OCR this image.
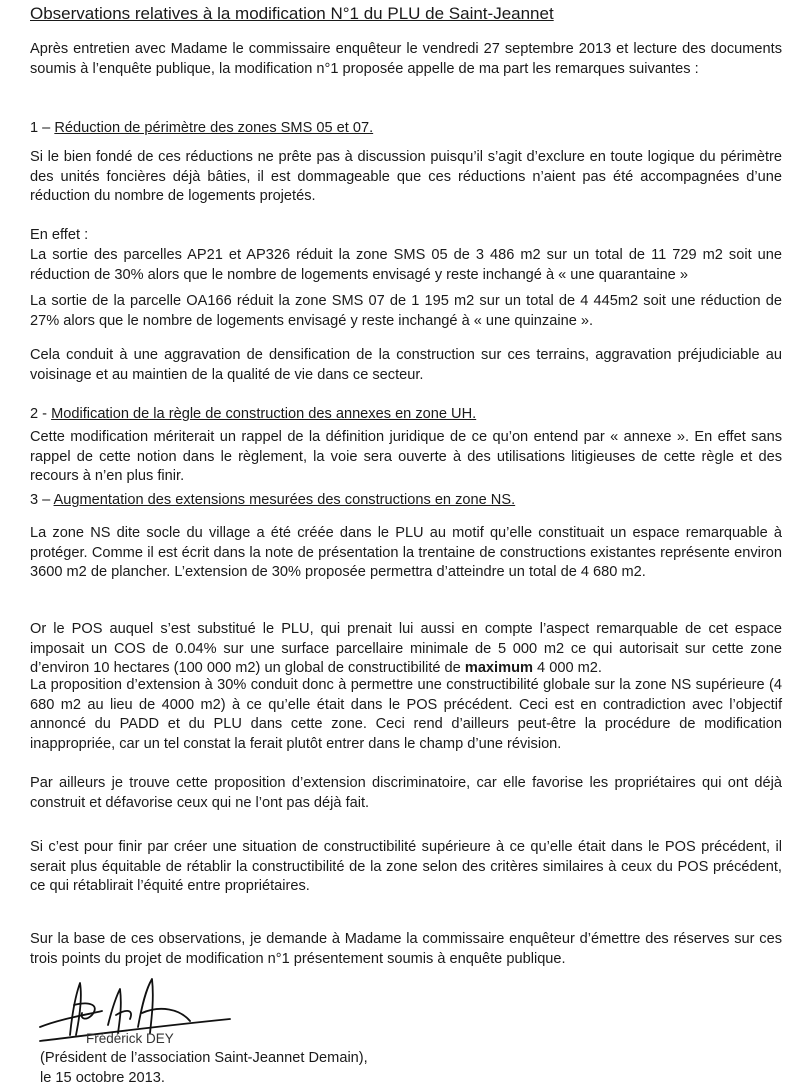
Observations relatives à la modification N°1 du PLU de Saint-Jeannet

Après entretien avec Madame le commissaire enquêteur le vendredi 27 septembre 2013 et lecture des documents soumis à l’enquête publique, la modification n°1 proposée appelle de ma part les remarques suivantes :

1 – Réduction de périmètre des zones SMS 05 et 07.

Si le bien fondé de ces réductions ne prête pas à discussion puisqu’il s’agit d’exclure en toute logique du périmètre des unités foncières déjà bâties, il est dommageable que ces réductions n’aient pas été accompagnées d’une réduction du nombre de logements projetés.

En effet :

La sortie des parcelles AP21 et AP326 réduit la zone SMS 05 de 3 486 m2 sur un total de 11 729 m2 soit une réduction de 30% alors que le nombre de logements envisagé y reste inchangé à « une quarantaine »

La sortie de la parcelle OA166 réduit la zone SMS 07 de 1 195 m2 sur un total de 4 445m2 soit une réduction de 27% alors que le nombre de logements envisagé y reste inchangé à « une quinzaine ».

Cela conduit à une aggravation de densification de la construction sur ces terrains, aggravation préjudiciable au voisinage et au maintien de la qualité de vie dans ce secteur.

2 - Modification de la règle de construction des annexes en zone UH.

Cette modification mériterait un rappel de la définition juridique de ce qu’on entend par « annexe ». En effet sans rappel de cette notion dans le règlement, la voie sera ouverte à des utilisations litigieuses de cette règle et des recours à n’en plus finir.

3 – Augmentation des extensions mesurées des constructions en zone NS.

La zone NS dite socle du village a été créée dans le PLU au motif qu’elle constituait un espace remarquable à protéger. Comme il est écrit dans la note de présentation la trentaine de constructions existantes représente environ 3600 m2 de plancher. L’extension de 30% proposée permettra d’atteindre un total de 4 680 m2.

Or le POS auquel s’est substitué le PLU, qui prenait lui aussi en compte l’aspect remarquable de cet espace imposait un COS de 0.04% sur une surface parcellaire minimale de 5 000 m2 ce qui autorisait sur cette zone d’environ 10 hectares (100 000 m2) un global de constructibilité de maximum 4 000 m2.

La proposition d’extension à 30% conduit donc à permettre une constructibilité globale sur la zone NS supérieure (4 680 m2 au lieu de 4000 m2) à ce qu’elle était dans le POS précédent. Ceci est en contradiction avec l’objectif annoncé du PADD et du PLU dans cette zone. Ceci rend d’ailleurs peut-être la procédure de modification inappropriée, car un tel constat la ferait plutôt entrer dans le champ d’une révision.

Par ailleurs je trouve cette proposition d’extension discriminatoire, car elle favorise les propriétaires qui ont déjà construit et défavorise ceux qui ne l’ont pas déjà fait.

Si c’est pour finir par créer une situation de constructibilité supérieure à ce qu’elle était dans le POS précédent, il serait plus équitable de rétablir la constructibilité de la zone selon des critères similaires à ceux du POS précédent, ce qui rétablirait l’équité entre propriétaires.

Sur la base de ces observations, je demande à Madame la commissaire enquêteur d’émettre des réserves sur ces trois points du projet de modification n°1 présentement soumis à enquête publique.

Frédérick DEY
(Président de l’association Saint-Jeannet Demain),
le 15 octobre 2013.
